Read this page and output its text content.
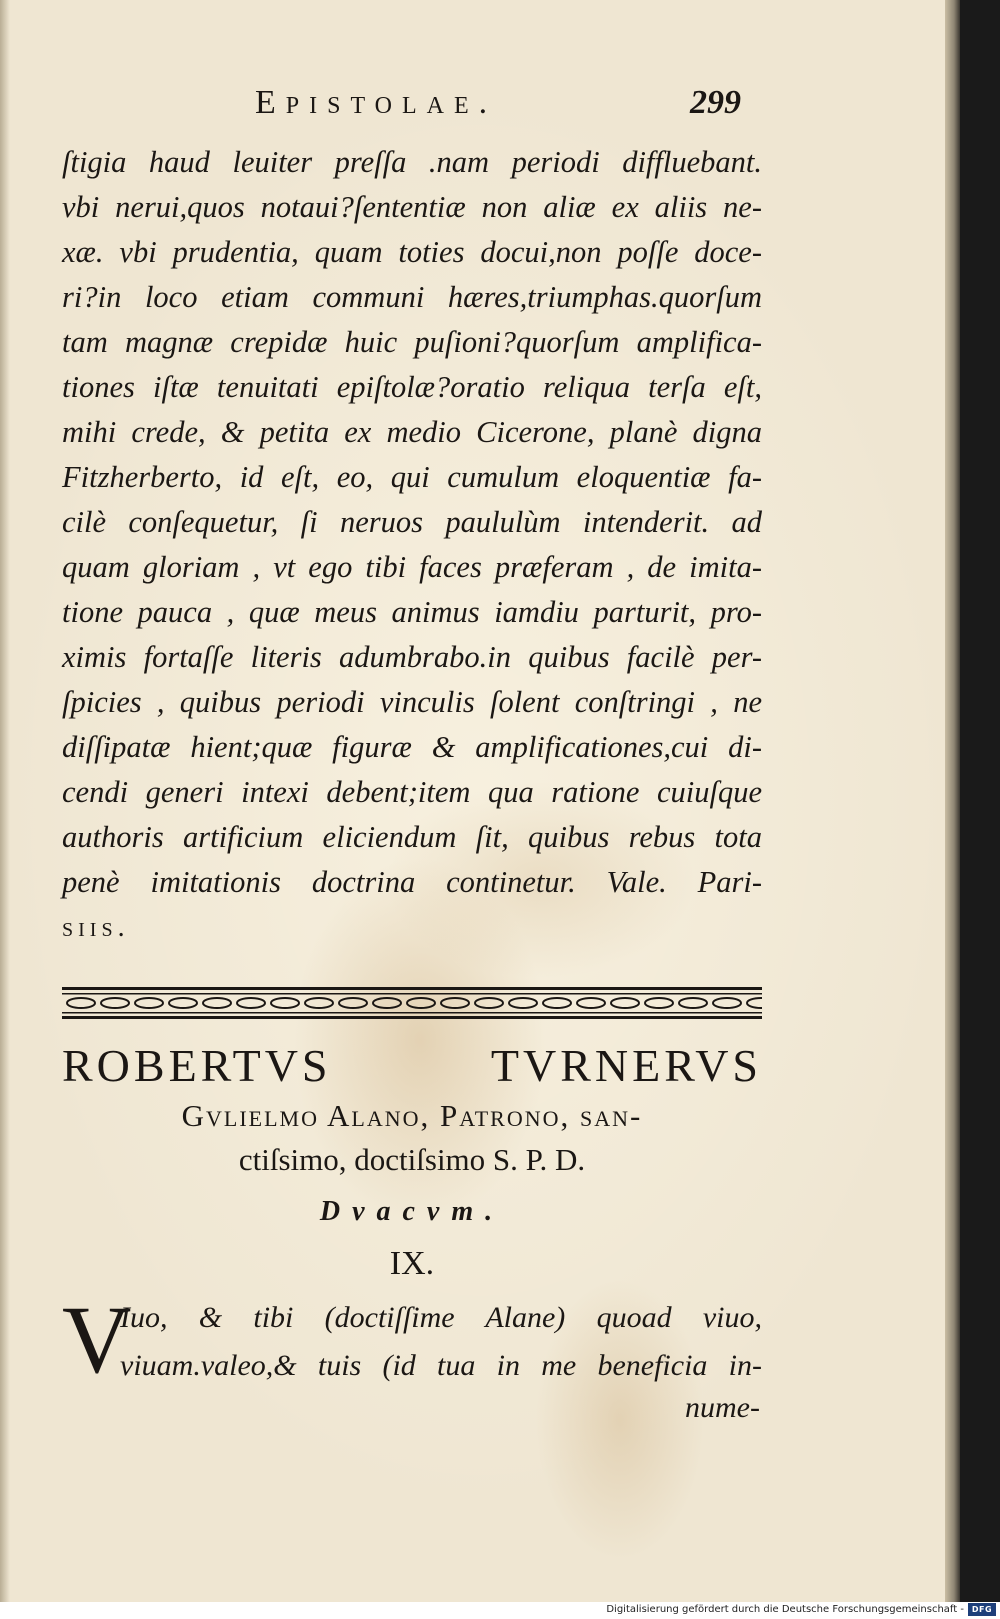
Epistolae.	299
ſtigia haud leuiter preſſa .nam periodi diffluebant.
vbi nerui,quos notaui?ſententiæ non aliæ ex aliis ne-
xæ. vbi prudentia, quam toties docui,non poſſe doce-
ri?in loco etiam communi hæres,triumphas.quorſum
tam magnæ crepidæ huic puſioni?quorſum amplifica-
tiones iſtæ tenuitati epiſtolæ?oratio reliqua terſa eſt,
mihi crede, & petita ex medio Cicerone, planè digna
Fitzherberto, id eſt, eo, qui cumulum eloquentiæ fa-
cilè conſequetur, ſi neruos paululùm intenderit. ad
quam gloriam , vt ego tibi faces præferam , de imita-
tione pauca , quæ meus animus iamdiu parturit, pro-
ximis fortaſſe literis adumbrabo.in quibus facilè per-
ſpicies , quibus periodi vinculis ſolent conſtringi , ne
diſſipatæ hient;quæ figuræ & amplificationes,cui di-
cendi generi intexi debent;item qua ratione cuiuſque
authoris artificium eliciendum ſit, quibus rebus tota
penè imitationis doctrina continetur. Vale. Pari-
siis.
ROBERTVS TVRNERVS
Gvlielmo Alano, Patrono, san-
ctiſsimo, doctiſsimo S. P. D.
Dvacvm.
IX.
V
Iuo, & tibi (doctiſſime Alane) quoad viuo,
viuam.valeo,& tuis (id tua in me beneficia in-
nume-
Digitalisierung gefördert durch die Deutsche Forschungsgemeinschaft - DFG
